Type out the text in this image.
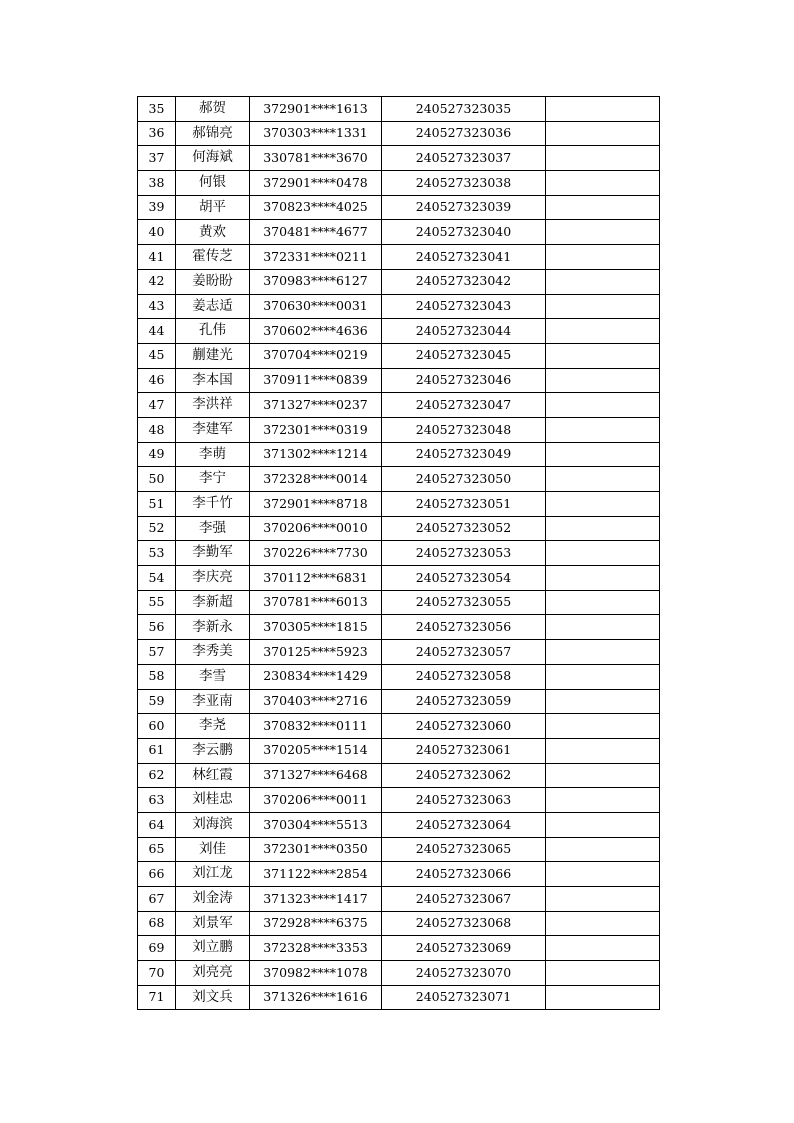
35	郝贺	372901****1613	240527323035	
36	郝锦亮	370303****1331	240527323036	
37	何海斌	330781****3670	240527323037	
38	何银	372901****0478	240527323038	
39	胡平	370823****4025	240527323039	
40	黄欢	370481****4677	240527323040	
41	霍传芝	372331****0211	240527323041	
42	姜盼盼	370983****6127	240527323042	
43	姜志适	370630****0031	240527323043	
44	孔伟	370602****4636	240527323044	
45	蒯建光	370704****0219	240527323045	
46	李本国	370911****0839	240527323046	
47	李洪祥	371327****0237	240527323047	
48	李建军	372301****0319	240527323048	
49	李萌	371302****1214	240527323049	
50	李宁	372328****0014	240527323050	
51	李千竹	372901****8718	240527323051	
52	李强	370206****0010	240527323052	
53	李勤军	370226****7730	240527323053	
54	李庆亮	370112****6831	240527323054	
55	李新超	370781****6013	240527323055	
56	李新永	370305****1815	240527323056	
57	李秀美	370125****5923	240527323057	
58	李雪	230834****1429	240527323058	
59	李亚南	370403****2716	240527323059	
60	李尧	370832****0111	240527323060	
61	李云鹏	370205****1514	240527323061	
62	林红霞	371327****6468	240527323062	
63	刘桂忠	370206****0011	240527323063	
64	刘海滨	370304****5513	240527323064	
65	刘佳	372301****0350	240527323065	
66	刘江龙	371122****2854	240527323066	
67	刘金涛	371323****1417	240527323067	
68	刘景军	372928****6375	240527323068	
69	刘立鹏	372328****3353	240527323069	
70	刘亮亮	370982****1078	240527323070	
71	刘文兵	371326****1616	240527323071	
